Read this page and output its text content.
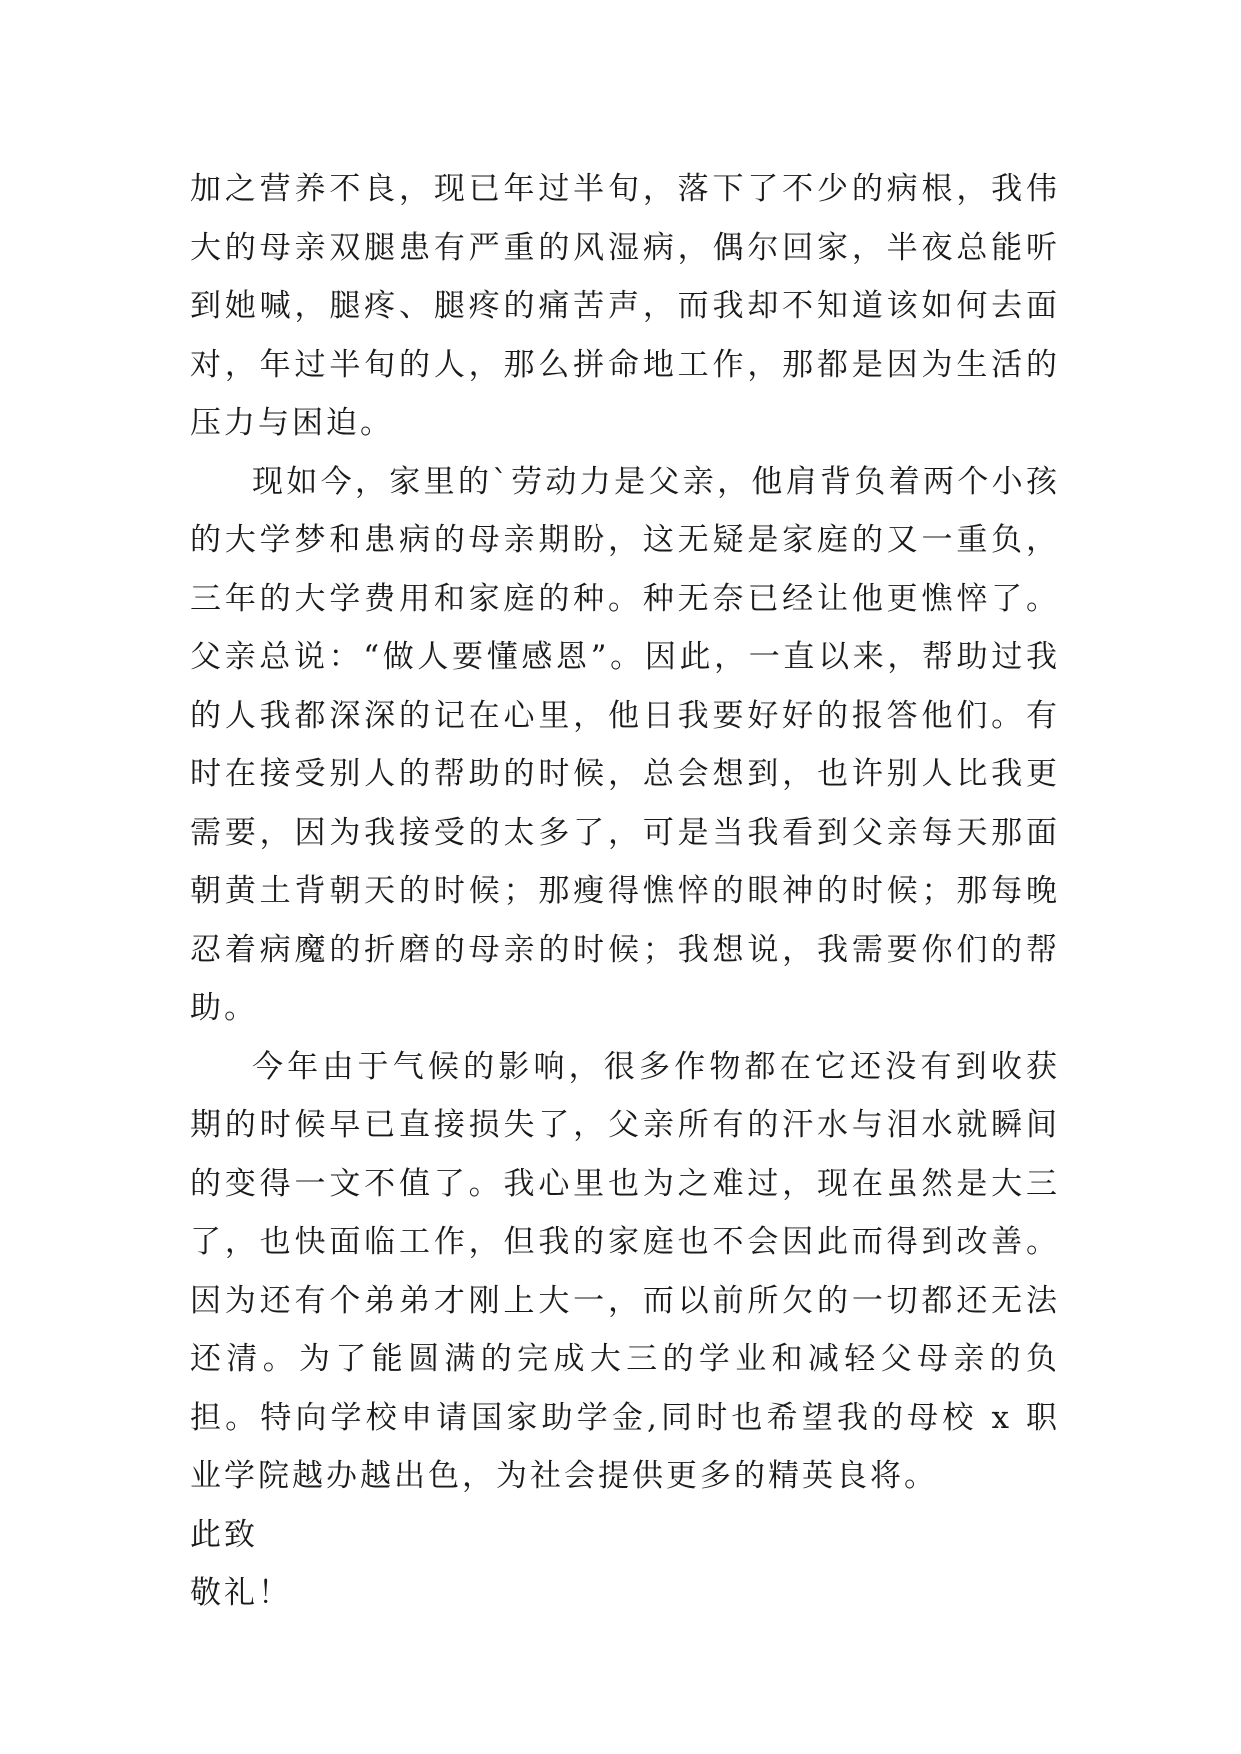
加之营养不良，现已年过半旬，落下了不少的病根，我伟大的母亲双腿患有严重的风湿病，偶尔回家，半夜总能听到她喊，腿疼、腿疼的痛苦声，而我却不知道该如何去面对，年过半旬的人，那么拼命地工作，那都是因为生活的压力与困迫。

现如今，家里的`劳动力是父亲，他肩背负着两个小孩的大学梦和患病的母亲期盼，这无疑是家庭的又一重负，三年的大学费用和家庭的种。种无奈已经让他更憔悴了。父亲总说：“做人要懂感恩”。因此，一直以来，帮助过我的人我都深深的记在心里，他日我要好好的报答他们。有时在接受别人的帮助的时候，总会想到，也许别人比我更需要，因为我接受的太多了，可是当我看到父亲每天那面朝黄土背朝天的时候；那瘦得憔悴的眼神的时候；那每晚忍着病魔的折磨的母亲的时候；我想说，我需要你们的帮助。

今年由于气候的影响，很多作物都在它还没有到收获期的时候早已直接损失了，父亲所有的汗水与泪水就瞬间的变得一文不值了。我心里也为之难过，现在虽然是大三了，也快面临工作，但我的家庭也不会因此而得到改善。因为还有个弟弟才刚上大一，而以前所欠的一切都还无法还清。为了能圆满的完成大三的学业和减轻父母亲的负担。特向学校申请国家助学金,同时也希望我的母校 x 职业学院越办越出色，为社会提供更多的精英良将。

此致

敬礼！
